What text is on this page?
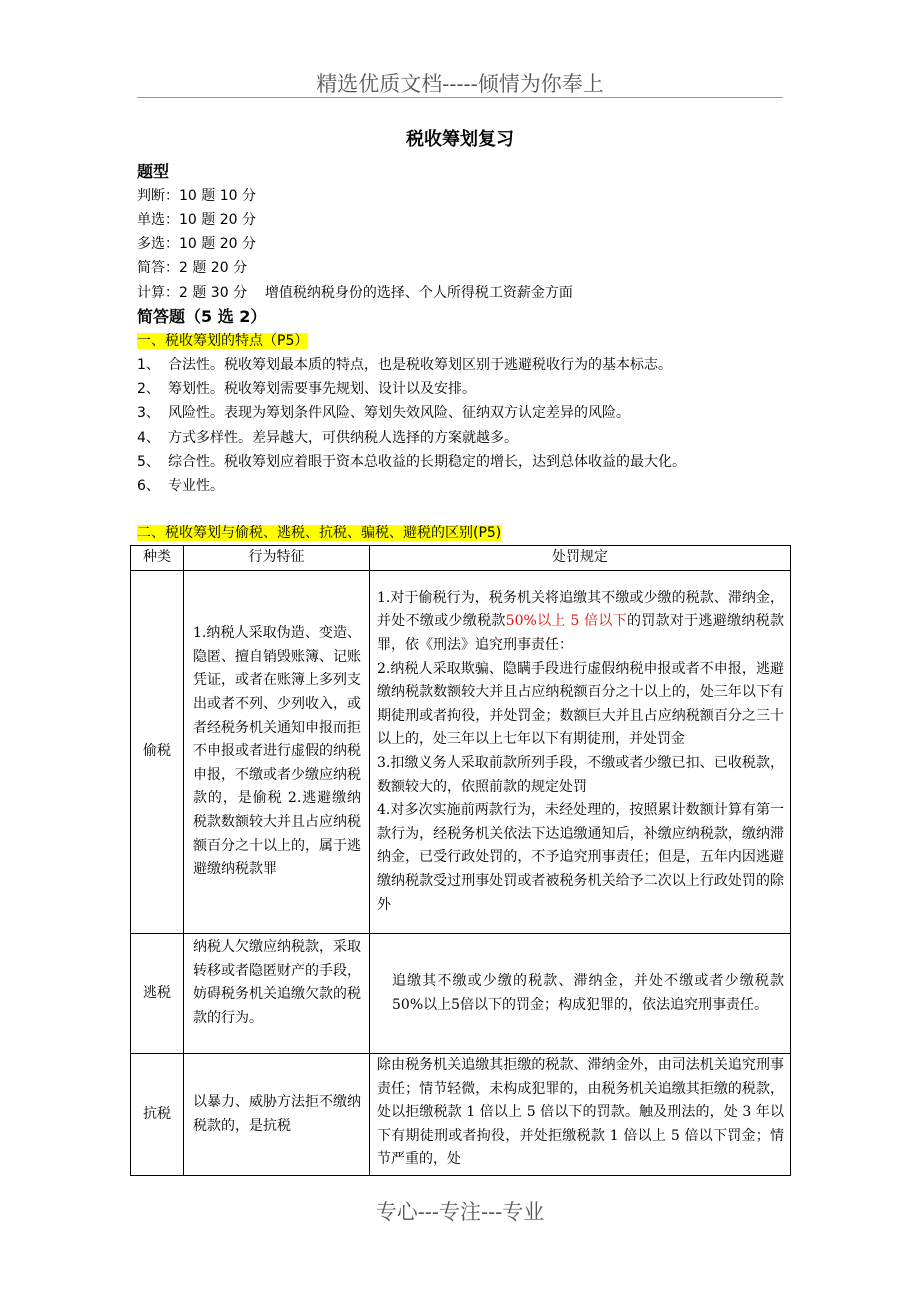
精选优质文档-----倾情为你奉上
税收筹划复习
题型
判断：10 题 10 分
单选：10 题 20 分
多选：10 题 20 分
简答：2 题 20 分
计算：2 题 30 分    增值税纳税身份的选择、个人所得税工资薪金方面
简答题（5 选 2）
一、税收筹划的特点（P5）
1、 合法性。税收筹划最本质的特点，也是税收筹划区别于逃避税收行为的基本标志。
2、 筹划性。税收筹划需要事先规划、设计以及安排。
3、 风险性。表现为筹划条件风险、筹划失效风险、征纳双方认定差异的风险。
4、 方式多样性。差异越大，可供纳税人选择的方案就越多。
5、 综合性。税收筹划应着眼于资本总收益的长期稳定的增长，达到总体收益的最大化。
6、 专业性。
二、税收筹划与偷税、逃税、抗税、骗税、避税的区别(P5)
种类	行为特征	处罚规定
偷税	1.纳税人采取伪造、变造、隐匿、擅自销毁账簿、记账凭证，或者在账簿上多列支出或者不列、少列收入，或者经税务机关通知申报而拒不申报或者进行虚假的纳税申报，不缴或者少缴应纳税款的，是偷税 2.逃避缴纳税款数额较大并且占应纳税额百分之十以上的，属于逃避缴纳税款罪	1.对于偷税行为，税务机关将追缴其不缴或少缴的税款、滞纳金，并处不缴或少缴税款50%以上 5 倍以下的罚款对于逃避缴纳税款罪，依《刑法》追究刑事责任：
2.纳税人采取欺骗、隐瞒手段进行虚假纳税申报或者不申报，逃避缴纳税款数额较大并且占应纳税额百分之十以上的，处三年以下有期徒刑或者拘役，并处罚金；数额巨大并且占应纳税额百分之三十以上的，处三年以上七年以下有期徒刑，并处罚金
3.扣缴义务人采取前款所列手段，不缴或者少缴已扣、已收税款，数额较大的，依照前款的规定处罚
4.对多次实施前两款行为，未经处理的，按照累计数额计算有第一款行为，经税务机关依法下达追缴通知后，补缴应纳税款，缴纳滞纳金，已受行政处罚的，不予追究刑事责任；但是，五年内因逃避缴纳税款受过刑事处罚或者被税务机关给予二次以上行政处罚的除外

逃税	纳税人欠缴应纳税款，采取转移或者隐匿财产的手段，妨碍税务机关追缴欠款的税款的行为。	追缴其不缴或少缴的税款、滞纳金，并处不缴或者少缴税款50%以上5倍以下的罚金；构成犯罪的，依法追究刑事责任。

抗税	以暴力、威胁方法拒不缴纳税款的，是抗税	除由税务机关追缴其拒缴的税款、滞纳金外，由司法机关追究刑事责任；情节轻微，未构成犯罪的，由税务机关追缴其拒缴的税款，处以拒缴税款 1 倍以上 5 倍以下的罚款。触及刑法的，处 3 年以下有期徒刑或者拘役，并处拒缴税款 1 倍以上 5 倍以下罚金；情节严重的，处
专心---专注---专业
